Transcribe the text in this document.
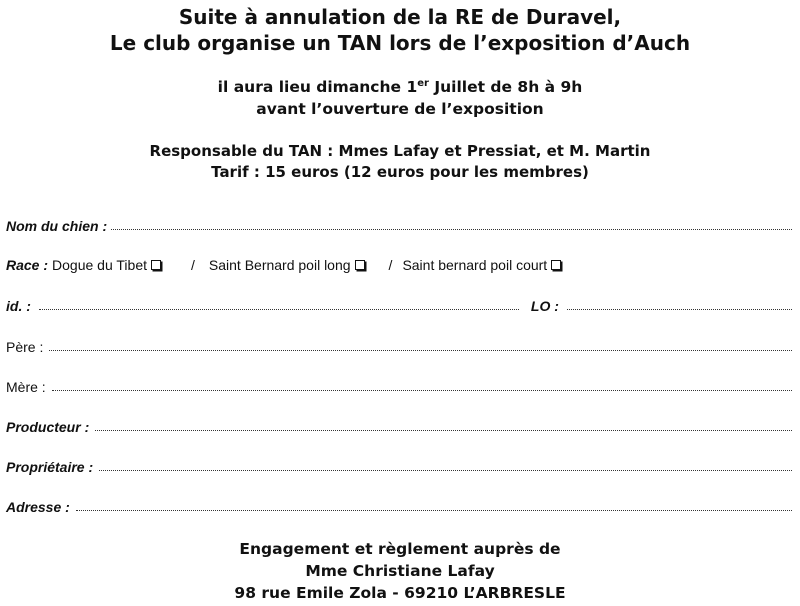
Suite à annulation de la RE de Duravel,
Le club organise un TAN lors de l’exposition d’Auch
il aura lieu dimanche 1er Juillet de 8h à 9h
avant l’ouverture de l’exposition
Responsable du TAN : Mmes Lafay et Pressiat, et M. Martin
Tarif : 15 euros (12 euros pour les membres)
Nom du chien :
Race : Dogue du Tibet	/ Saint Bernard poil long	/ Saint bernard poil court
id. :	LO :
Père :
Mère :
Producteur :
Propriétaire :
Adresse :
Engagement et règlement auprès de
Mme Christiane Lafay
98 rue Emile Zola - 69210 L’ARBRESLE
